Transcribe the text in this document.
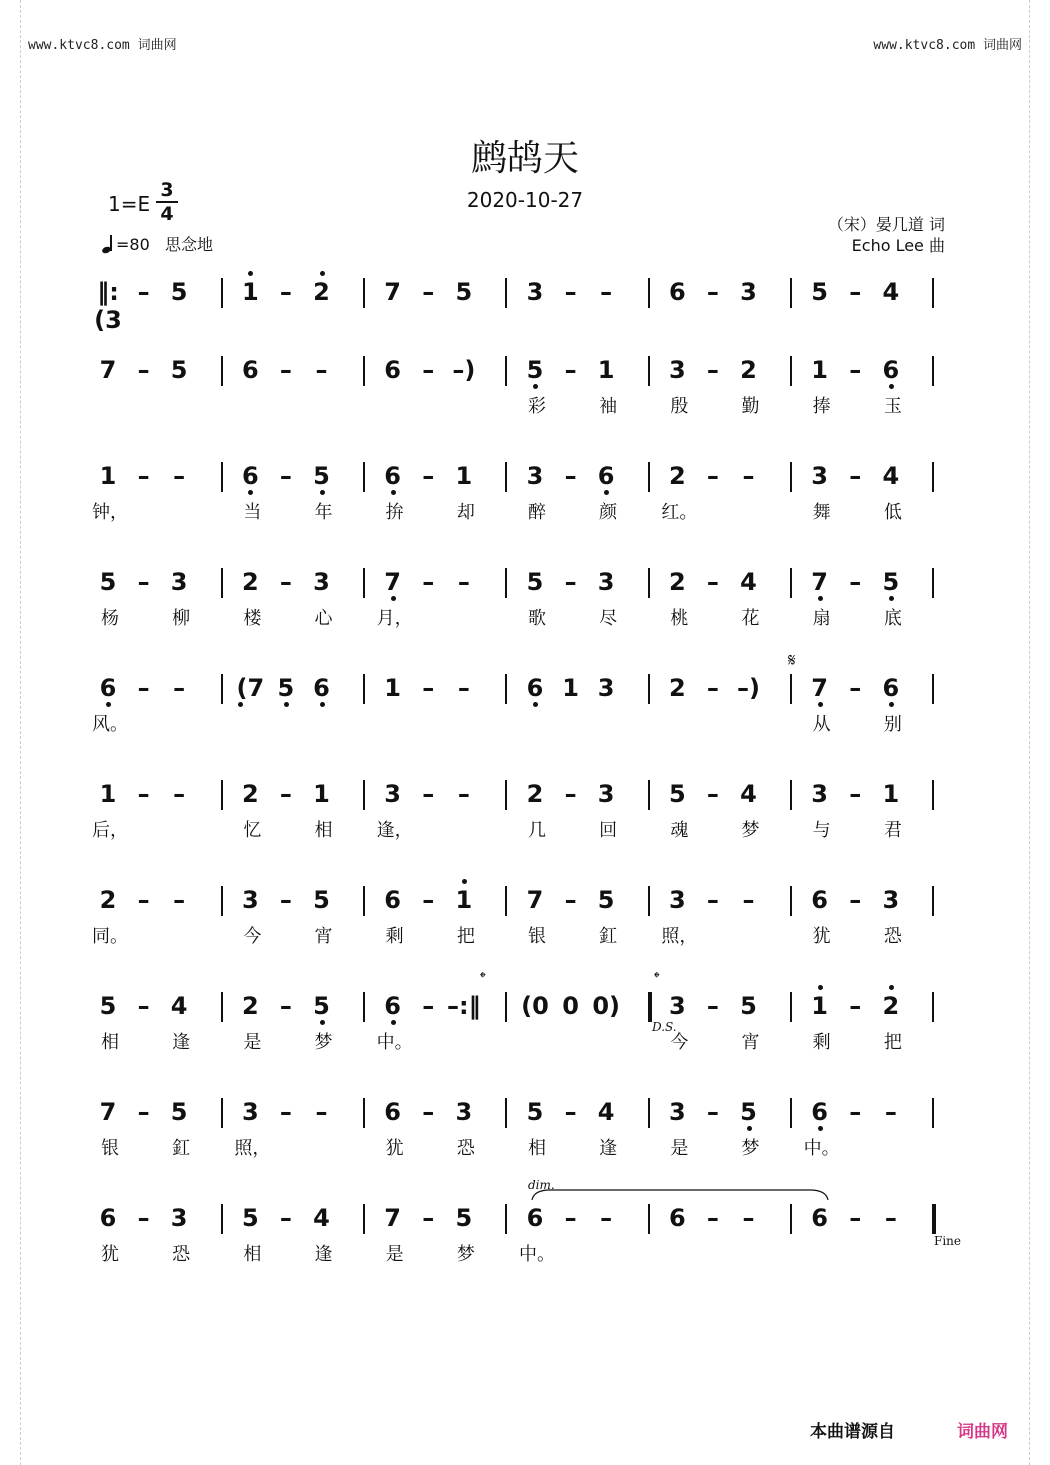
www.ktvc8.com 词曲网	www.ktvc8.com 词曲网
鹧鸪天
2020-10-27
1=E
3
4
=80 思念地
（宋）晏几道 词
Echo Lee 曲
‖:(3
– 5 1 – 2 7 – 5 3 – – 6 – 3 5 – 4
7 – 5 6 – – 6 – –)	5 – 1 3 – 2 1 – 6
彩	袖	殷	勤	捧	玉
1 – – 6 – 5 6 – 1 3 – 6 2 – – 3 – 4
钟，	当	年	拚	却	醉	颜	红。	舞	低
5 – 3 2 – 3 7 – – 5 – 3 2 – 4 7 – 5
杨	柳	楼	心	月，	歌	尽	桃	花	扇	底
6 – –	(7 5 6 1 – – 6 1 3 2 – –)	7 – 6
风。	从	别
1 – – 2 – 1 3 – – 2 – 3 5 – 4 3 – 1
后，	忆	相	逢，	几	回	魂	梦	与	君
2 – – 3 – 5 6 – 1 7 – 5 3 – – 6 – 3
同。	今	宵	剩	把	银	釭	照，	犹	恐
5 – 4 2 – 5 6 – –:‖	(0 0 0)	3 – 5 1 – 2
相	逢	是	梦	中。	今	宵	剩	把
7 – 5 3 – – 6 – 3 5 – 4 3 – 5 6 – –
银	釭	照，	犹	恐	相	逢	是	梦	中。
6 – 3 5 – 4 7 – 5 6 – – 6 – – 6 – –
犹	恐	相	逢	是	梦	中。
𝄋
𝄌	𝄌
D.S.
dim.
Fine
本曲谱源自	词曲网
